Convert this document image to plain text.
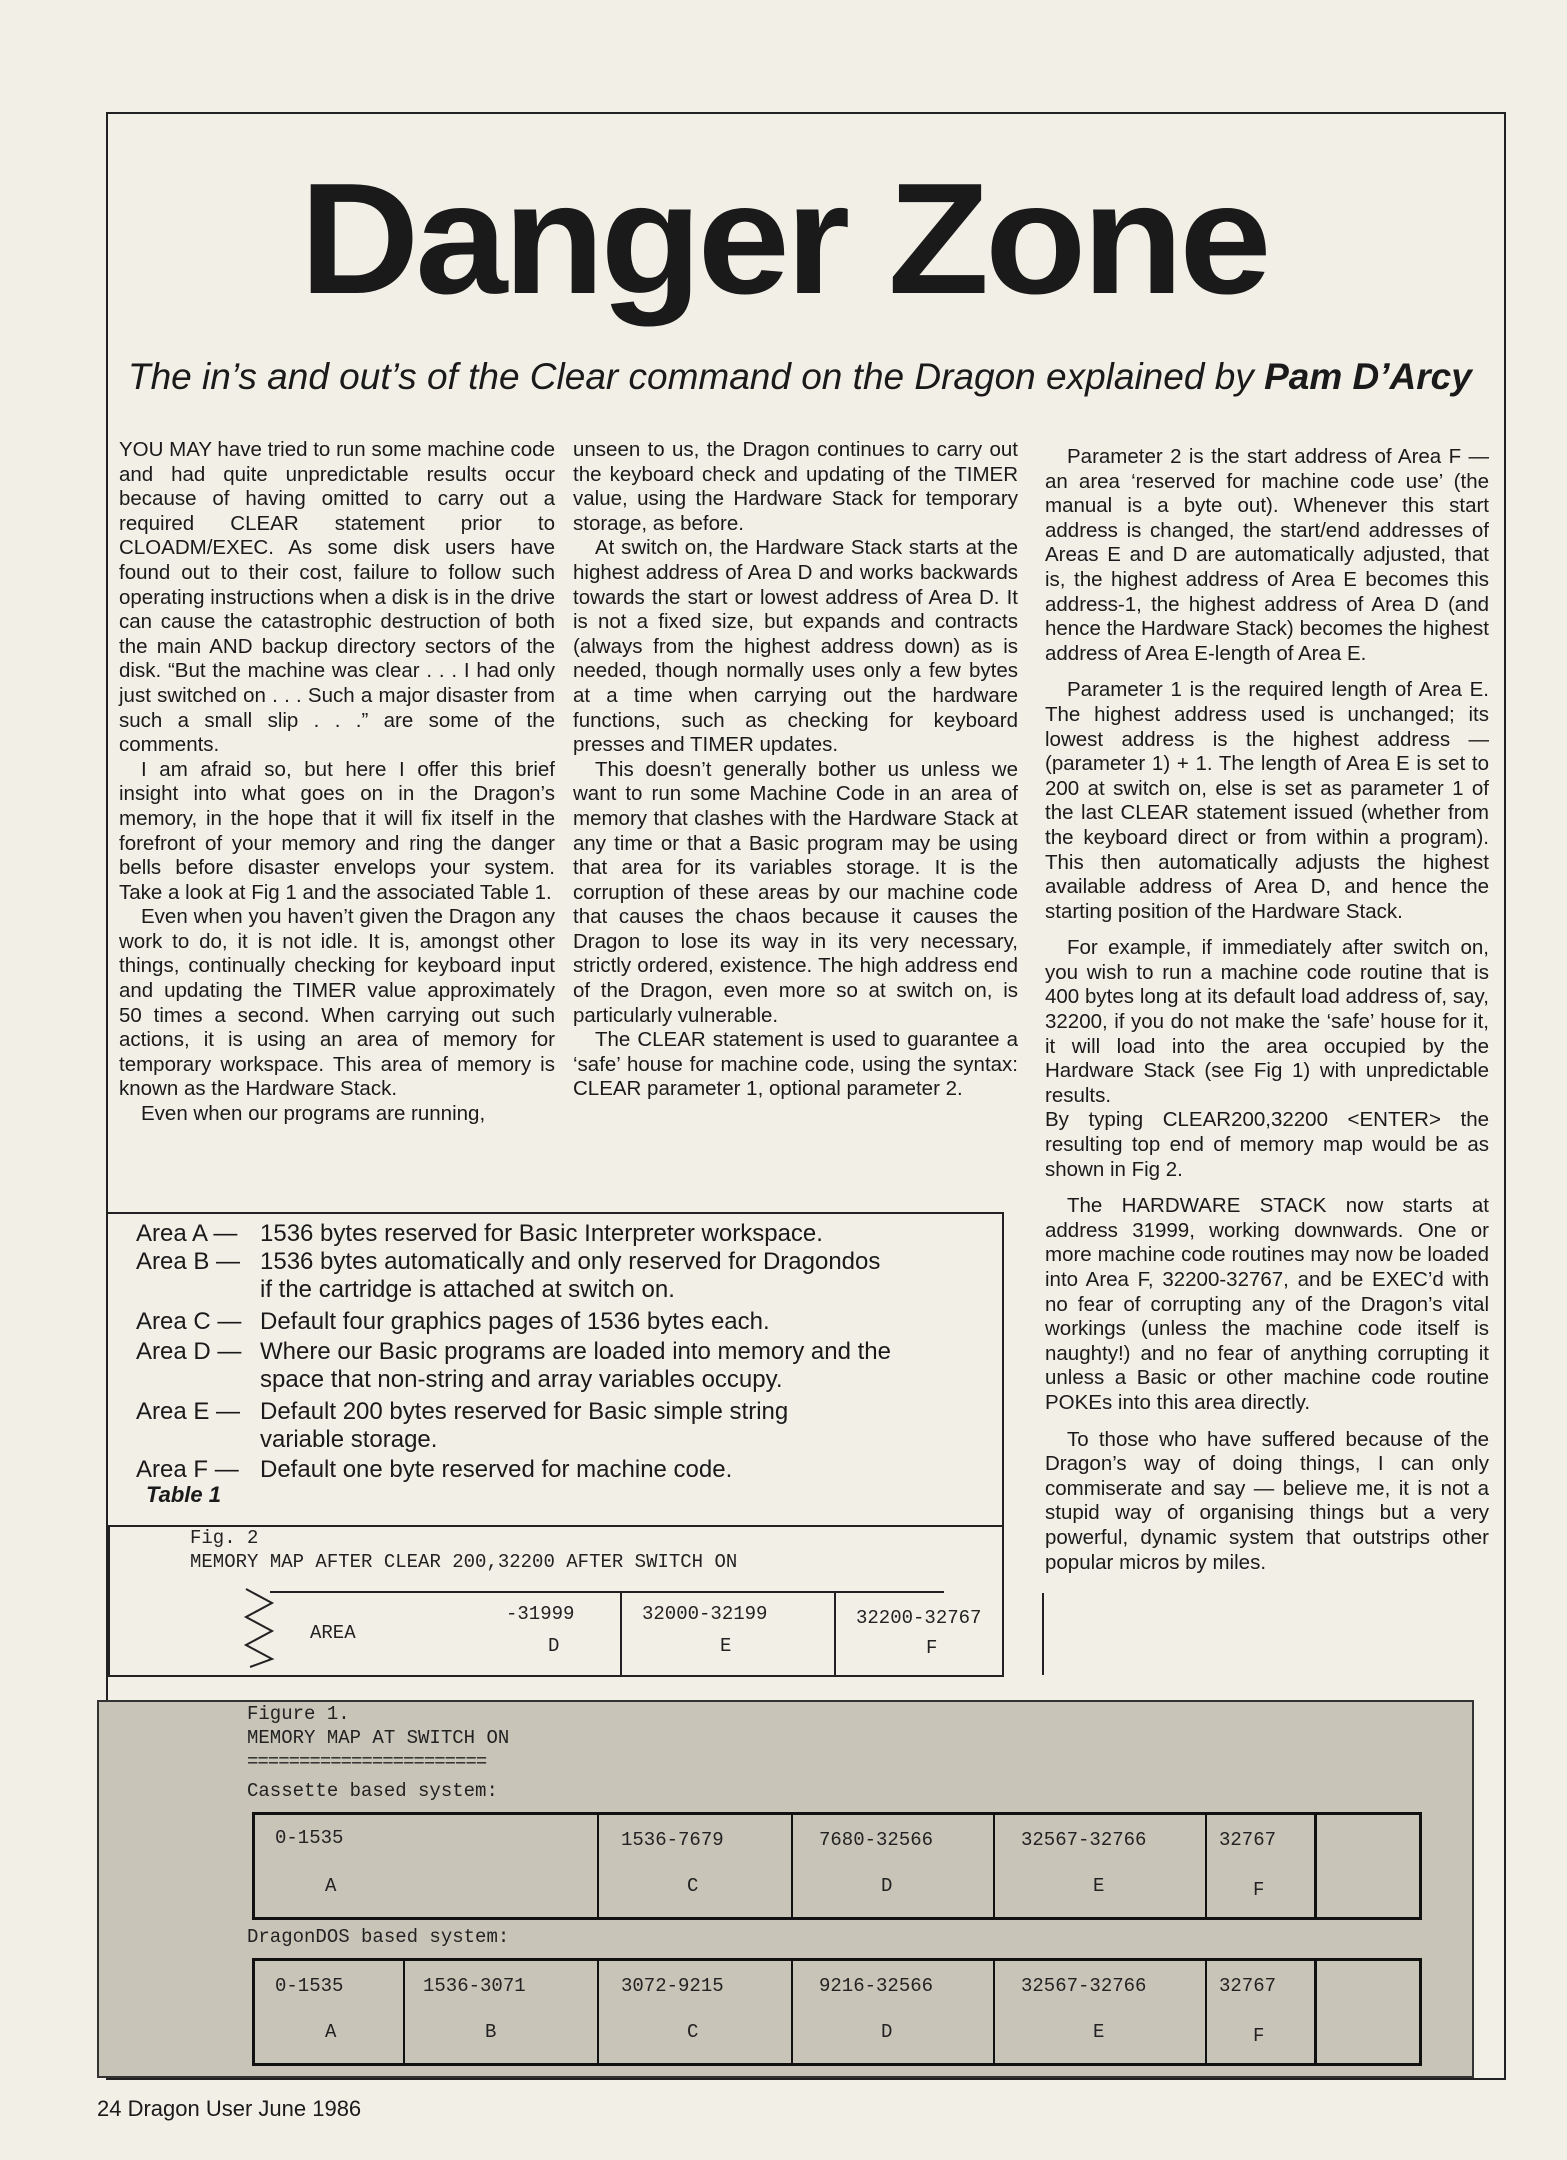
Danger Zone

The in’s and out’s of the Clear command on the Dragon explained by Pam D’Arcy

YOU MAY have tried to run some machine code and had quite unpredictable results occur because of having omitted to carry out a required CLEAR statement prior to CLOADM/EXEC. As some disk users have found out to their cost, failure to follow such operating instructions when a disk is in the drive can cause the catastrophic destruction of both the main AND backup directory sectors of the disk. “But the machine was clear . . . I had only just switched on . . . Such a major disaster from such a small slip . . .” are some of the comments.

I am afraid so, but here I offer this brief insight into what goes on in the Dragon’s memory, in the hope that it will fix itself in the forefront of your memory and ring the danger bells before disaster envelops your system. Take a look at Fig 1 and the associated Table 1.

Even when you haven’t given the Dragon any work to do, it is not idle. It is, amongst other things, continually checking for keyboard input and updating the TIMER value approximately 50 times a second. When carrying out such actions, it is using an area of memory for temporary workspace. This area of memory is known as the Hardware Stack.

Even when our programs are running,

unseen to us, the Dragon continues to carry out the keyboard check and updating of the TIMER value, using the Hardware Stack for temporary storage, as before.

At switch on, the Hardware Stack starts at the highest address of Area D and works backwards towards the start or lowest address of Area D. It is not a fixed size, but expands and contracts (always from the highest address down) as is needed, though normally uses only a few bytes at a time when carrying out the hardware functions, such as checking for keyboard presses and TIMER updates.

This doesn’t generally bother us unless we want to run some Machine Code in an area of memory that clashes with the Hardware Stack at any time or that a Basic program may be using that area for its variables storage. It is the corruption of these areas by our machine code that causes the chaos because it causes the Dragon to lose its way in its very necessary, strictly ordered, existence. The high address end of the Dragon, even more so at switch on, is particularly vulnerable.

The CLEAR statement is used to guarantee a ‘safe’ house for machine code, using the syntax: CLEAR parameter 1, optional parameter 2.

Parameter 2 is the start address of Area F — an area ‘reserved for machine code use’ (the manual is a byte out). Whenever this start address is changed, the start/end addresses of Areas E and D are automatically adjusted, that is, the highest address of Area E becomes this address-1, the highest address of Area D (and hence the Hardware Stack) becomes the highest address of Area E-length of Area E.

Parameter 1 is the required length of Area E. The highest address used is unchanged; its lowest address is the highest address — (parameter 1) + 1. The length of Area E is set to 200 at switch on, else is set as parameter 1 of the last CLEAR statement issued (whether from the keyboard direct or from within a program). This then automatically adjusts the highest available address of Area D, and hence the starting position of the Hardware Stack.

For example, if immediately after switch on, you wish to run a machine code routine that is 400 bytes long at its default load address of, say, 32200, if you do not make the ‘safe’ house for it, it will load into the area occupied by the Hardware Stack (see Fig 1) with unpredictable results.

By typing CLEAR200,32200 <ENTER> the resulting top end of memory map would be as shown in Fig 2.

The HARDWARE STACK now starts at address 31999, working downwards. One or more machine code routines may now be loaded into Area F, 32200-32767, and be EXEC’d with no fear of corrupting any of the Dragon’s vital workings (unless the machine code itself is naughty!) and no fear of anything corrupting it unless a Basic or other machine code routine POKEs into this area directly.

To those who have suffered because of the Dragon’s way of doing things, I can only commiserate and say — believe me, it is not a stupid way of organising things but a very powerful, dynamic system that outstrips other popular micros by miles.

Area A — 1536 bytes reserved for Basic Interpreter workspace.
Area B — 1536 bytes automatically and only reserved for Dragondos
if the cartridge is attached at switch on.
Area C — Default four graphics pages of 1536 bytes each.
Area D — Where our Basic programs are loaded into memory and the
space that non-string and array variables occupy.
Area E — Default 200 bytes reserved for Basic simple string
variable storage.
Area F — Default one byte reserved for machine code.
Table 1
Fig. 2
MEMORY MAP AFTER CLEAR 200,32200 AFTER SWITCH ON
AREA
-31999
D
32000-32199
E
32200-32767
F
Figure 1.
MEMORY MAP AT SWITCH ON
=======================
Cassette based system:
0-1535
A
1536-7679
C
7680-32566
D
32567-32766
E
32767
F
DragonDOS based system:
0-1535
A
1536-3071
B
3072-9215
C
9216-32566
D
32567-32766
E
32767
F
24 Dragon User June 1986
